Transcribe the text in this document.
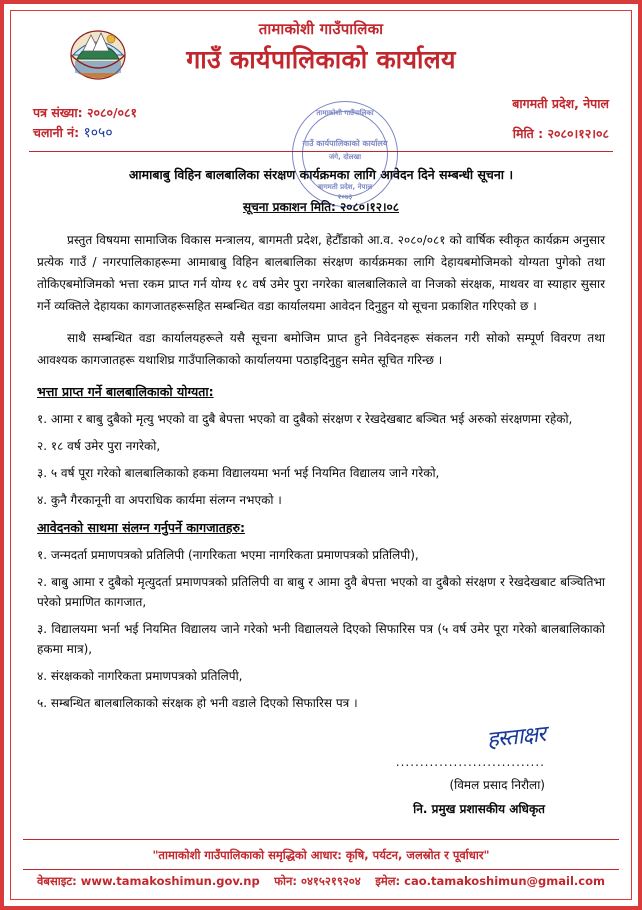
तामाकोशी गाउँपालिका
गाउँ कार्यपालिकाको कार्यालय
बागमती प्रदेश, नेपाल
पत्र संख्या: २०८०/०८१
चलानी नं: १०५०
तामाकोशी गाउँपालिका
गाउँ कार्यपालिकाको कार्यालय
जंगे, दोलखा
बागमती प्रदेश, नेपाल
२०७३
मिति : २०८०।१२।०८
आमाबाबु विहिन बालबालिका संरक्षण कार्यक्रमका लागि आवेदन दिने सम्बन्धी सूचना ।
सूचना प्रकाशन मिति: २०८०।१२।०८
प्रस्तुत विषयमा सामाजिक विकास मन्त्रालय, बागमती प्रदेश, हेटौँडाको आ.व. २०८०/०८१ को वार्षिक स्वीकृत कार्यक्रम अनुसार प्रत्येक गाउँ / नगरपालिकाहरूमा आमाबाबु विहिन बालबालिका संरक्षण कार्यक्रमका लागि देहायबमोजिमको योग्यता पुगेको तथा तोकिएबमोजिमको भत्ता रकम प्राप्त गर्न योग्य १८ वर्ष उमेर पुरा नगरेका बालबालिकाले वा निजको संरक्षक, माथवर वा स्याहार सुसार गर्ने व्यक्तिले देहायका कागजातहरूसहित सम्बन्धित वडा कार्यालयमा आवेदन दिनुहुन यो सूचना प्रकाशित गरिएको छ ।
साथै सम्बन्धित वडा कार्यालयहरूले यसै सूचना बमोजिम प्राप्त हुने निवेदनहरू संकलन गरी सोको सम्पूर्ण विवरण तथा आवश्यक कागजातहरू यथाशिघ्र गाउँपालिकाको कार्यालयमा पठाइदिनुहुन समेत सूचित गरिन्छ ।
भत्ता प्राप्त गर्ने बालबालिकाको योग्यता:
१. आमा र बाबु दुबैको मृत्यु भएको वा दुबै बेपत्ता भएको वा दुबैको संरक्षण र रेखदेखबाट बञ्चित भई अरुको संरक्षणमा रहेको,
२. १८ वर्ष उमेर पुरा नगरेको,
३. ५ वर्ष पूरा गरेको बालबालिकाको हकमा विद्यालयमा भर्ना भई नियमित विद्यालय जाने गरेको,
४. कुनै गैरकानूनी वा अपराधिक कार्यमा संलग्न नभएको ।
आवेदनको साथमा संलग्न गर्नुपर्ने कागजातहरु:
१. जन्मदर्ता प्रमाणपत्रको प्रतिलिपी (नागरिकता भएमा नागरिकता प्रमाणपत्रको प्रतिलिपी),
२. बाबु आमा र दुबैको मृत्युदर्ता प्रमाणपत्रको प्रतिलिपी वा बाबु र आमा दुवै बेपत्ता भएको वा दुबैको संरक्षण र रेखदेखबाट बञ्चितिभा परेको प्रमाणित कागजात,
३. विद्यालयमा भर्ना भई नियमित विद्यालय जाने गरेको भनी विद्यालयले दिएको सिफारिस पत्र (५ वर्ष उमेर पूरा गरेको बालबालिकाको हकमा मात्र),
४. संरक्षकको नागरिकता प्रमाणपत्रको प्रतिलिपी,
५. सम्बन्धित बालबालिकाको संरक्षक हो भनी वडाले दिएको सिफारिस पत्र ।
हस्ताक्षर
...............................
(विमल प्रसाद निरौला)
नि. प्रमुख प्रशासकीय अधिकृत
"तामाकोशी गाउँपालिकाको समृद्धिको आधार: कृषि, पर्यटन, जलस्रोत र पूर्वाधार"
वेबसाइट: www.tamakoshimun.gov.np फोन: ०४१५२१९२०४ इमेल: cao.tamakoshimun@gmail.com
